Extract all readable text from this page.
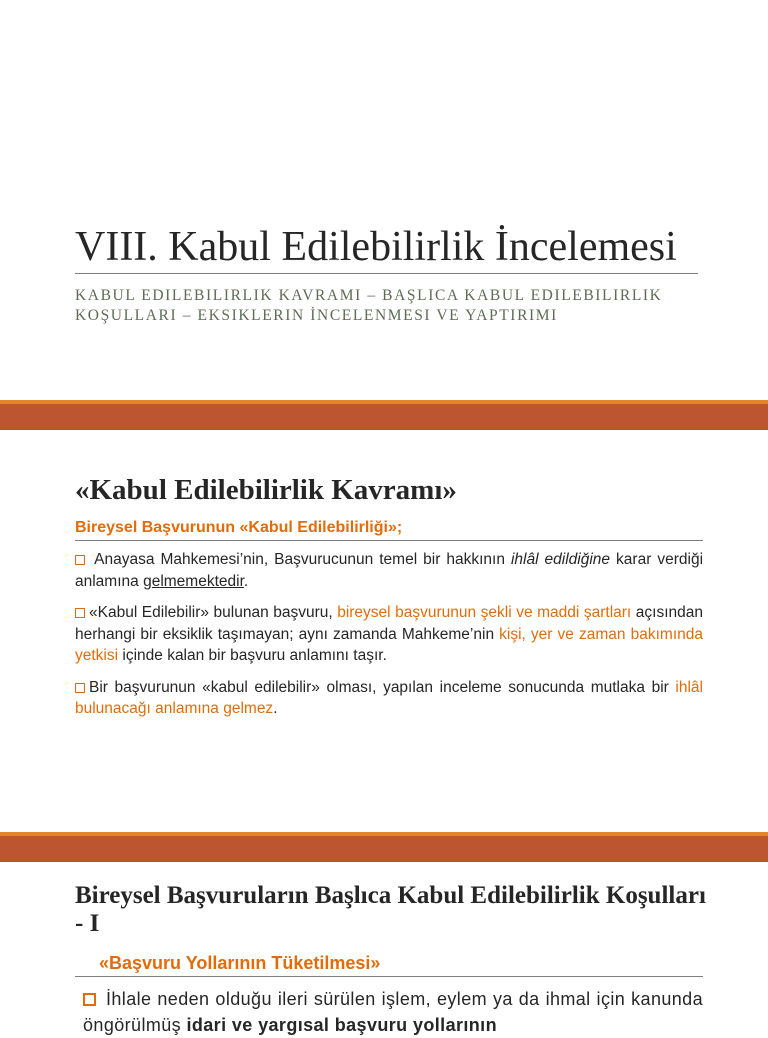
VIII. Kabul Edilebilirlik İncelemesi

KABUL EDILEBILIRLIK KAVRAMI – BAŞLICA KABUL EDILEBILIRLIK KOŞULLARI – EKSIKLERIN İNCELENMESI VE YAPTIRIMI

«Kabul Edilebilirlik Kavramı»

Bireysel Başvurunun «Kabul Edilebilirliği»;

Anayasa Mahkemesi’nin, Başvurucunun temel bir hakkının ihlâl edildiğine karar verdiği anlamına gelmemektedir.

«Kabul Edilebilir» bulunan başvuru, bireysel başvurunun şekli ve maddi şartları açısından herhangi bir eksiklik taşımayan; aynı zamanda Mahkeme’nin kişi, yer ve zaman bakımında yetkisi içinde kalan bir başvuru anlamını taşır.

Bir başvurunun «kabul edilebilir» olması, yapılan inceleme sonucunda mutlaka bir ihlâl bulunacağı anlamına gelmez.

Bireysel Başvuruların Başlıca Kabul Edilebilirlik Koşulları - I

«Başvuru Yollarının Tüketilmesi»

İhlale neden olduğu ileri sürülen işlem, eylem ya da ihmal için kanunda öngörülmüş idari ve yargısal başvuru yollarının
